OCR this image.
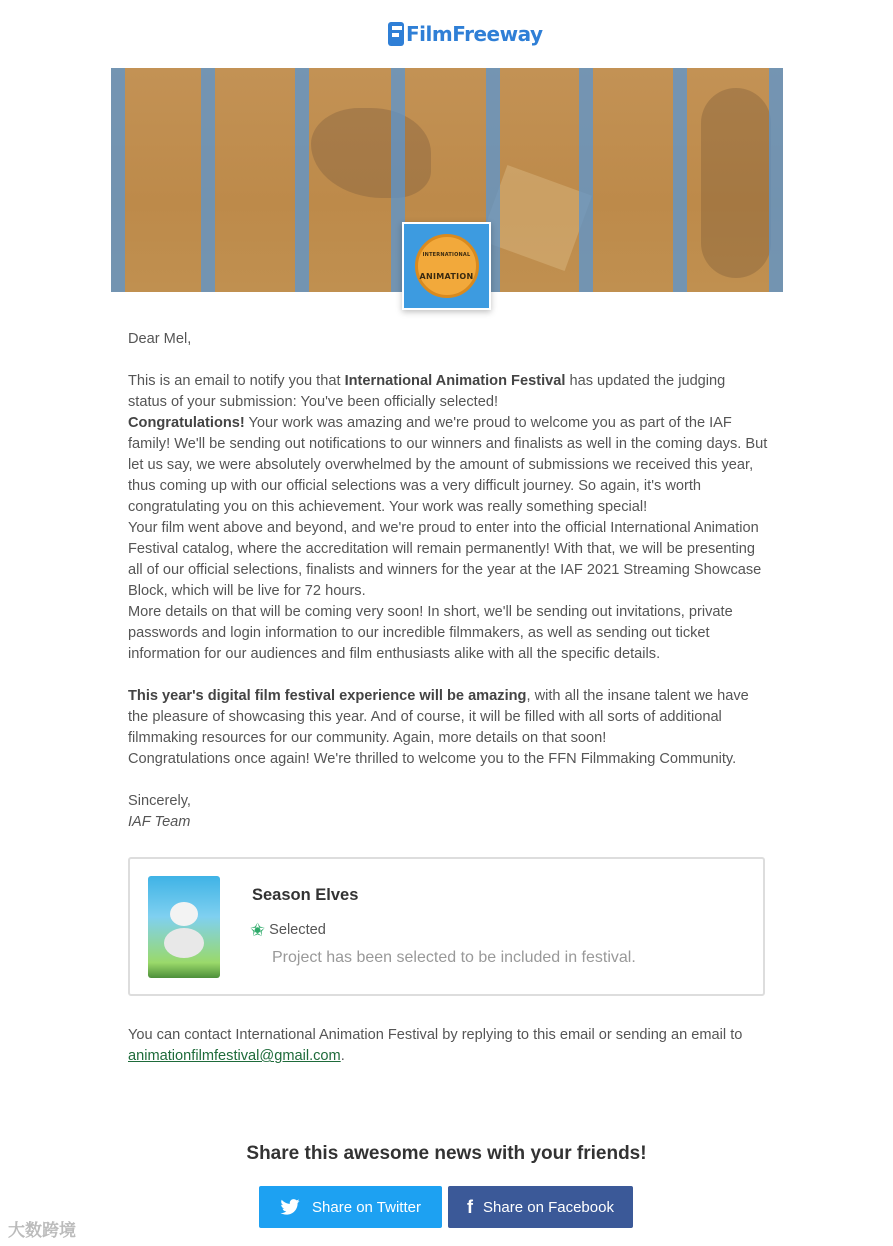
FilmFreeway
INTERNATIONAL
ANIMATION

Dear Mel,

This is an email to notify you that International Animation Festival has updated the judging status of your submission: You've been officially selected!

Congratulations! Your work was amazing and we're proud to welcome you as part of the IAF family! We'll be sending out notifications to our winners and finalists as well in the coming days. But let us say, we were absolutely overwhelmed by the amount of submissions we received this year, thus coming up with our official selections was a very difficult journey. So again, it's worth congratulating you on this achievement. Your work was really something special!

Your film went above and beyond, and we're proud to enter into the official International Animation Festival catalog, where the accreditation will remain permanently! With that, we will be presenting all of our official selections, finalists and winners for the year at the IAF 2021 Streaming Showcase Block, which will be live for 72 hours.

More details on that will be coming very soon! In short, we'll be sending out invitations, private passwords and login information to our incredible filmmakers, as well as sending out ticket information for our audiences and film enthusiasts alike with all the specific details.

This year's digital film festival experience will be amazing, with all the insane talent we have the pleasure of showcasing this year. And of course, it will be filled with all sorts of additional filmmaking resources for our community. Again, more details on that soon!

Congratulations once again! We're thrilled to welcome you to the FFN Filmmaking Community.

Sincerely,

IAF Team

Season Elves
✬ Selected
Project has been selected to be included in festival.
You can contact International Animation Festival by replying to this email or sending an email to animationfilmfestival@gmail.com.
Share this awesome news with your friends!
Share on Twitter	f Share on Facebook
大数跨境
